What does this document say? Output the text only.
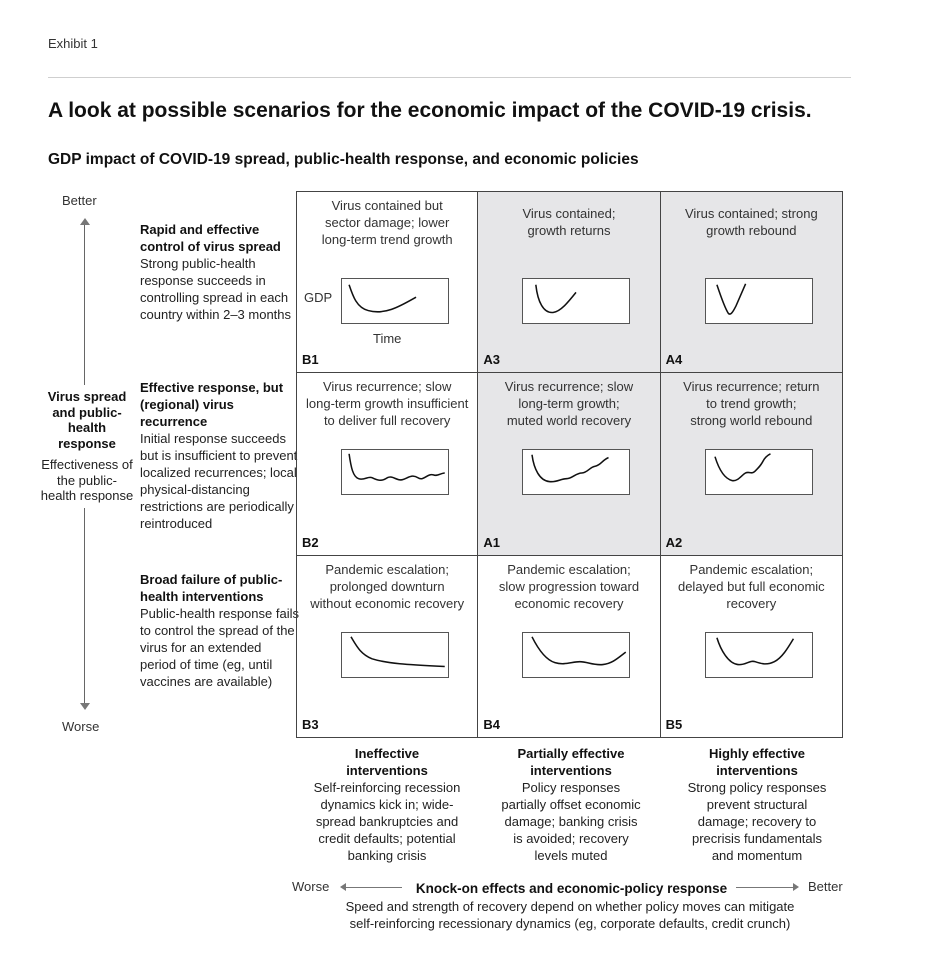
Exhibit 1
A look at possible scenarios for the economic impact of the COVID-19 crisis.
GDP impact of COVID-19 spread, public-health response, and economic policies
Better
Worse
Virus spread and public-health response
Effectiveness of the public-health response
Rapid and effective control of virus spread
Strong public-health response succeeds in controlling spread in each country within 2–3 months
Effective response, but (regional) virus recurrence
Initial response succeeds but is insufficient to prevent localized recurrences; local physical-distancing restrictions are periodically reintroduced
Broad failure of public-health interventions
Public-health response fails to control the spread of the virus for an extended period of time (eg, until vaccines are available)
Virus contained but
sector damage; lower
long-term trend growth
GDP
Time
B1
Virus contained;
growth returns
A3
Virus contained; strong
growth rebound
A4
Virus recurrence; slow
long-term growth insufficient
to deliver full recovery
B2
Virus recurrence; slow
long-term growth;
muted world recovery
A1
Virus recurrence; return
to trend growth;
strong world rebound
A2
Pandemic escalation;
prolonged downturn
without economic recovery
B3
Pandemic escalation;
slow progression toward
economic recovery
B4
Pandemic escalation;
delayed but full economic
recovery
B5
Ineffective
interventions
Self-reinforcing recession
dynamics kick in; wide-
spread bankruptcies and
credit defaults; potential
banking crisis
Partially effective
interventions
Policy responses
partially offset economic
damage; banking crisis
is avoided; recovery
levels muted
Highly effective
interventions
Strong policy responses
prevent structural
damage; recovery to
precrisis fundamentals
and momentum
Worse	Knock-on effects and economic-policy response	Better
Speed and strength of recovery depend on whether policy moves can mitigate
self-reinforcing recessionary dynamics (eg, corporate defaults, credit crunch)
